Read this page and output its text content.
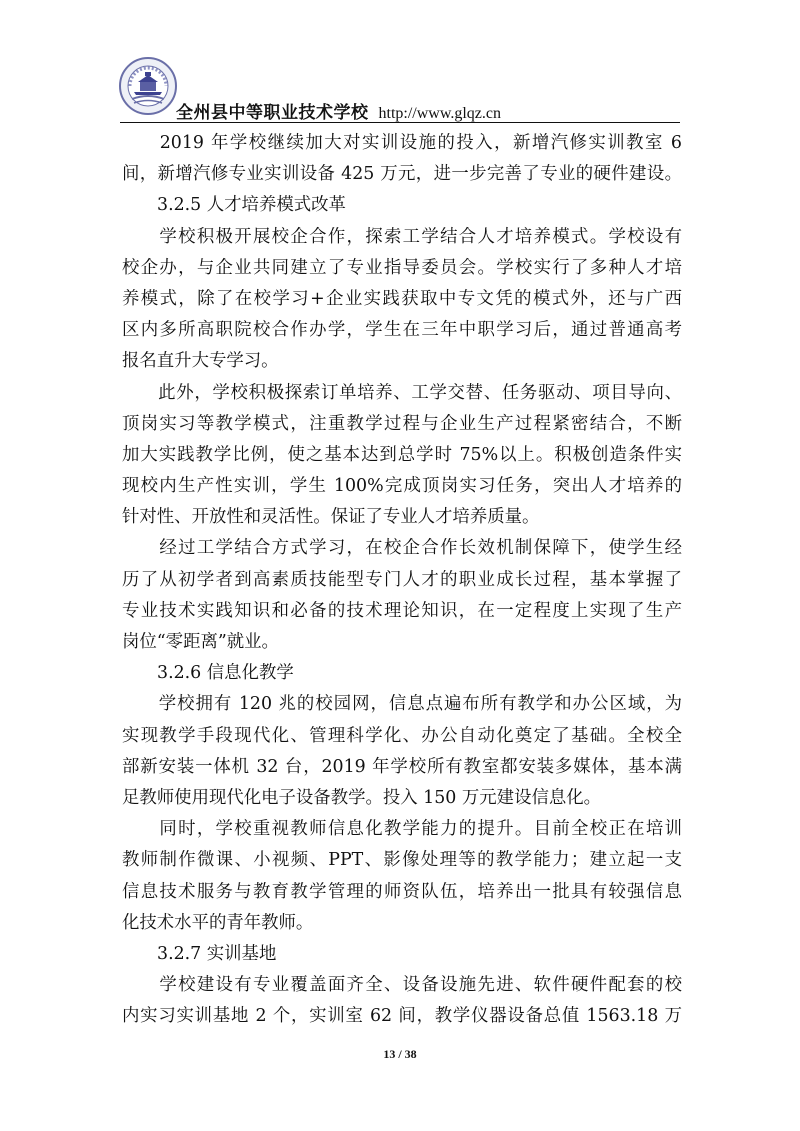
全州县中等职业技术学校 http://www.glqz.cn
　　2019 年学校继续加大对实训设施的投入，新增汽修实训教室 6
间，新增汽修专业实训设备 425 万元，进一步完善了专业的硬件建设。
3.2.5 人才培养模式改革
　　学校积极开展校企合作，探索工学结合人才培养模式。学校设有
校企办，与企业共同建立了专业指导委员会。学校实行了多种人才培
养模式，除了在校学习+企业实践获取中专文凭的模式外，还与广西
区内多所高职院校合作办学，学生在三年中职学习后，通过普通高考
报名直升大专学习。
　　此外，学校积极探索订单培养、工学交替、任务驱动、项目导向、
顶岗实习等教学模式，注重教学过程与企业生产过程紧密结合，不断
加大实践教学比例，使之基本达到总学时 75%以上。积极创造条件实
现校内生产性实训，学生 100%完成顶岗实习任务，突出人才培养的
针对性、开放性和灵活性。保证了专业人才培养质量。
　　经过工学结合方式学习，在校企合作长效机制保障下，使学生经
历了从初学者到高素质技能型专门人才的职业成长过程，基本掌握了
专业技术实践知识和必备的技术理论知识，在一定程度上实现了生产
岗位“零距离”就业。
3.2.6 信息化教学
　　学校拥有 120 兆的校园网，信息点遍布所有教学和办公区域，为
实现教学手段现代化、管理科学化、办公自动化奠定了基础。全校全
部新安装一体机 32 台，2019 年学校所有教室都安装多媒体，基本满
足教师使用现代化电子设备教学。投入 150 万元建设信息化。
　　同时，学校重视教师信息化教学能力的提升。目前全校正在培训
教师制作微课、小视频、PPT、影像处理等的教学能力；建立起一支
信息技术服务与教育教学管理的师资队伍，培养出一批具有较强信息
化技术水平的青年教师。
3.2.7 实训基地
　　学校建设有专业覆盖面齐全、设备设施先进、软件硬件配套的校
内实习实训基地 2 个，实训室 62 间，教学仪器设备总值 1563.18 万
13 / 38
